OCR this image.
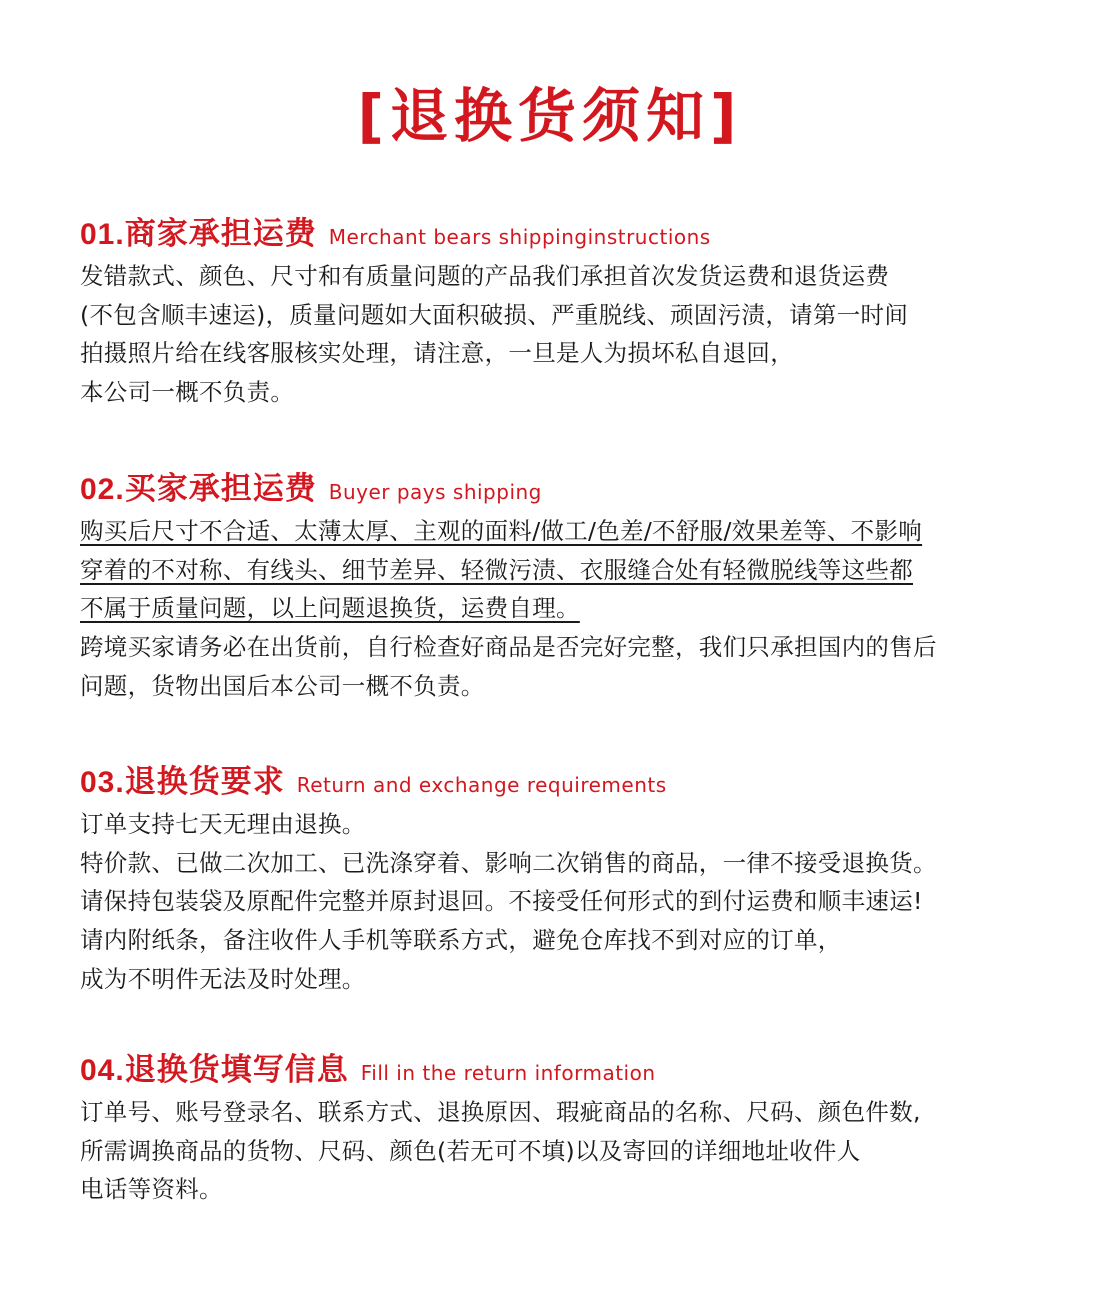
[退换货须知]
01. 商家承担运费 Merchant bears shippinginstructions
发错款式、颜色、尺寸和有质量问题的产品我们承担首次发货运费和退货运费
(不包含顺丰速运)，质量问题如大面积破损、严重脱线、顽固污渍，请第一时间
拍摄照片给在线客服核实处理，请注意，一旦是人为损坏私自退回，
本公司一概不负责。
02. 买家承担运费 Buyer pays shipping
购买后尺寸不合适、太薄太厚、主观的面料/做工/色差/不舒服/效果差等、不影响
穿着的不对称、有线头、细节差异、轻微污渍、衣服缝合处有轻微脱线等这些都
不属于质量问题，以上问题退换货，运费自理。
跨境买家请务必在出货前，自行检查好商品是否完好完整，我们只承担国内的售后
问题，货物出国后本公司一概不负责。
03. 退换货要求 Return and exchange requirements
订单支持七天无理由退换。
特价款、已做二次加工、已洗涤穿着、影响二次销售的商品，一律不接受退换货。
请保持包装袋及原配件完整并原封退回。不接受任何形式的到付运费和顺丰速运!
请内附纸条，备注收件人手机等联系方式，避免仓库找不到对应的订单，
成为不明件无法及时处理。
04. 退换货填写信息 Fill in the return information
订单号、账号登录名、联系方式、退换原因、瑕疵商品的名称、尺码、颜色件数,
所需调换商品的货物、尺码、颜色(若无可不填)以及寄回的详细地址收件人
电话等资料。
